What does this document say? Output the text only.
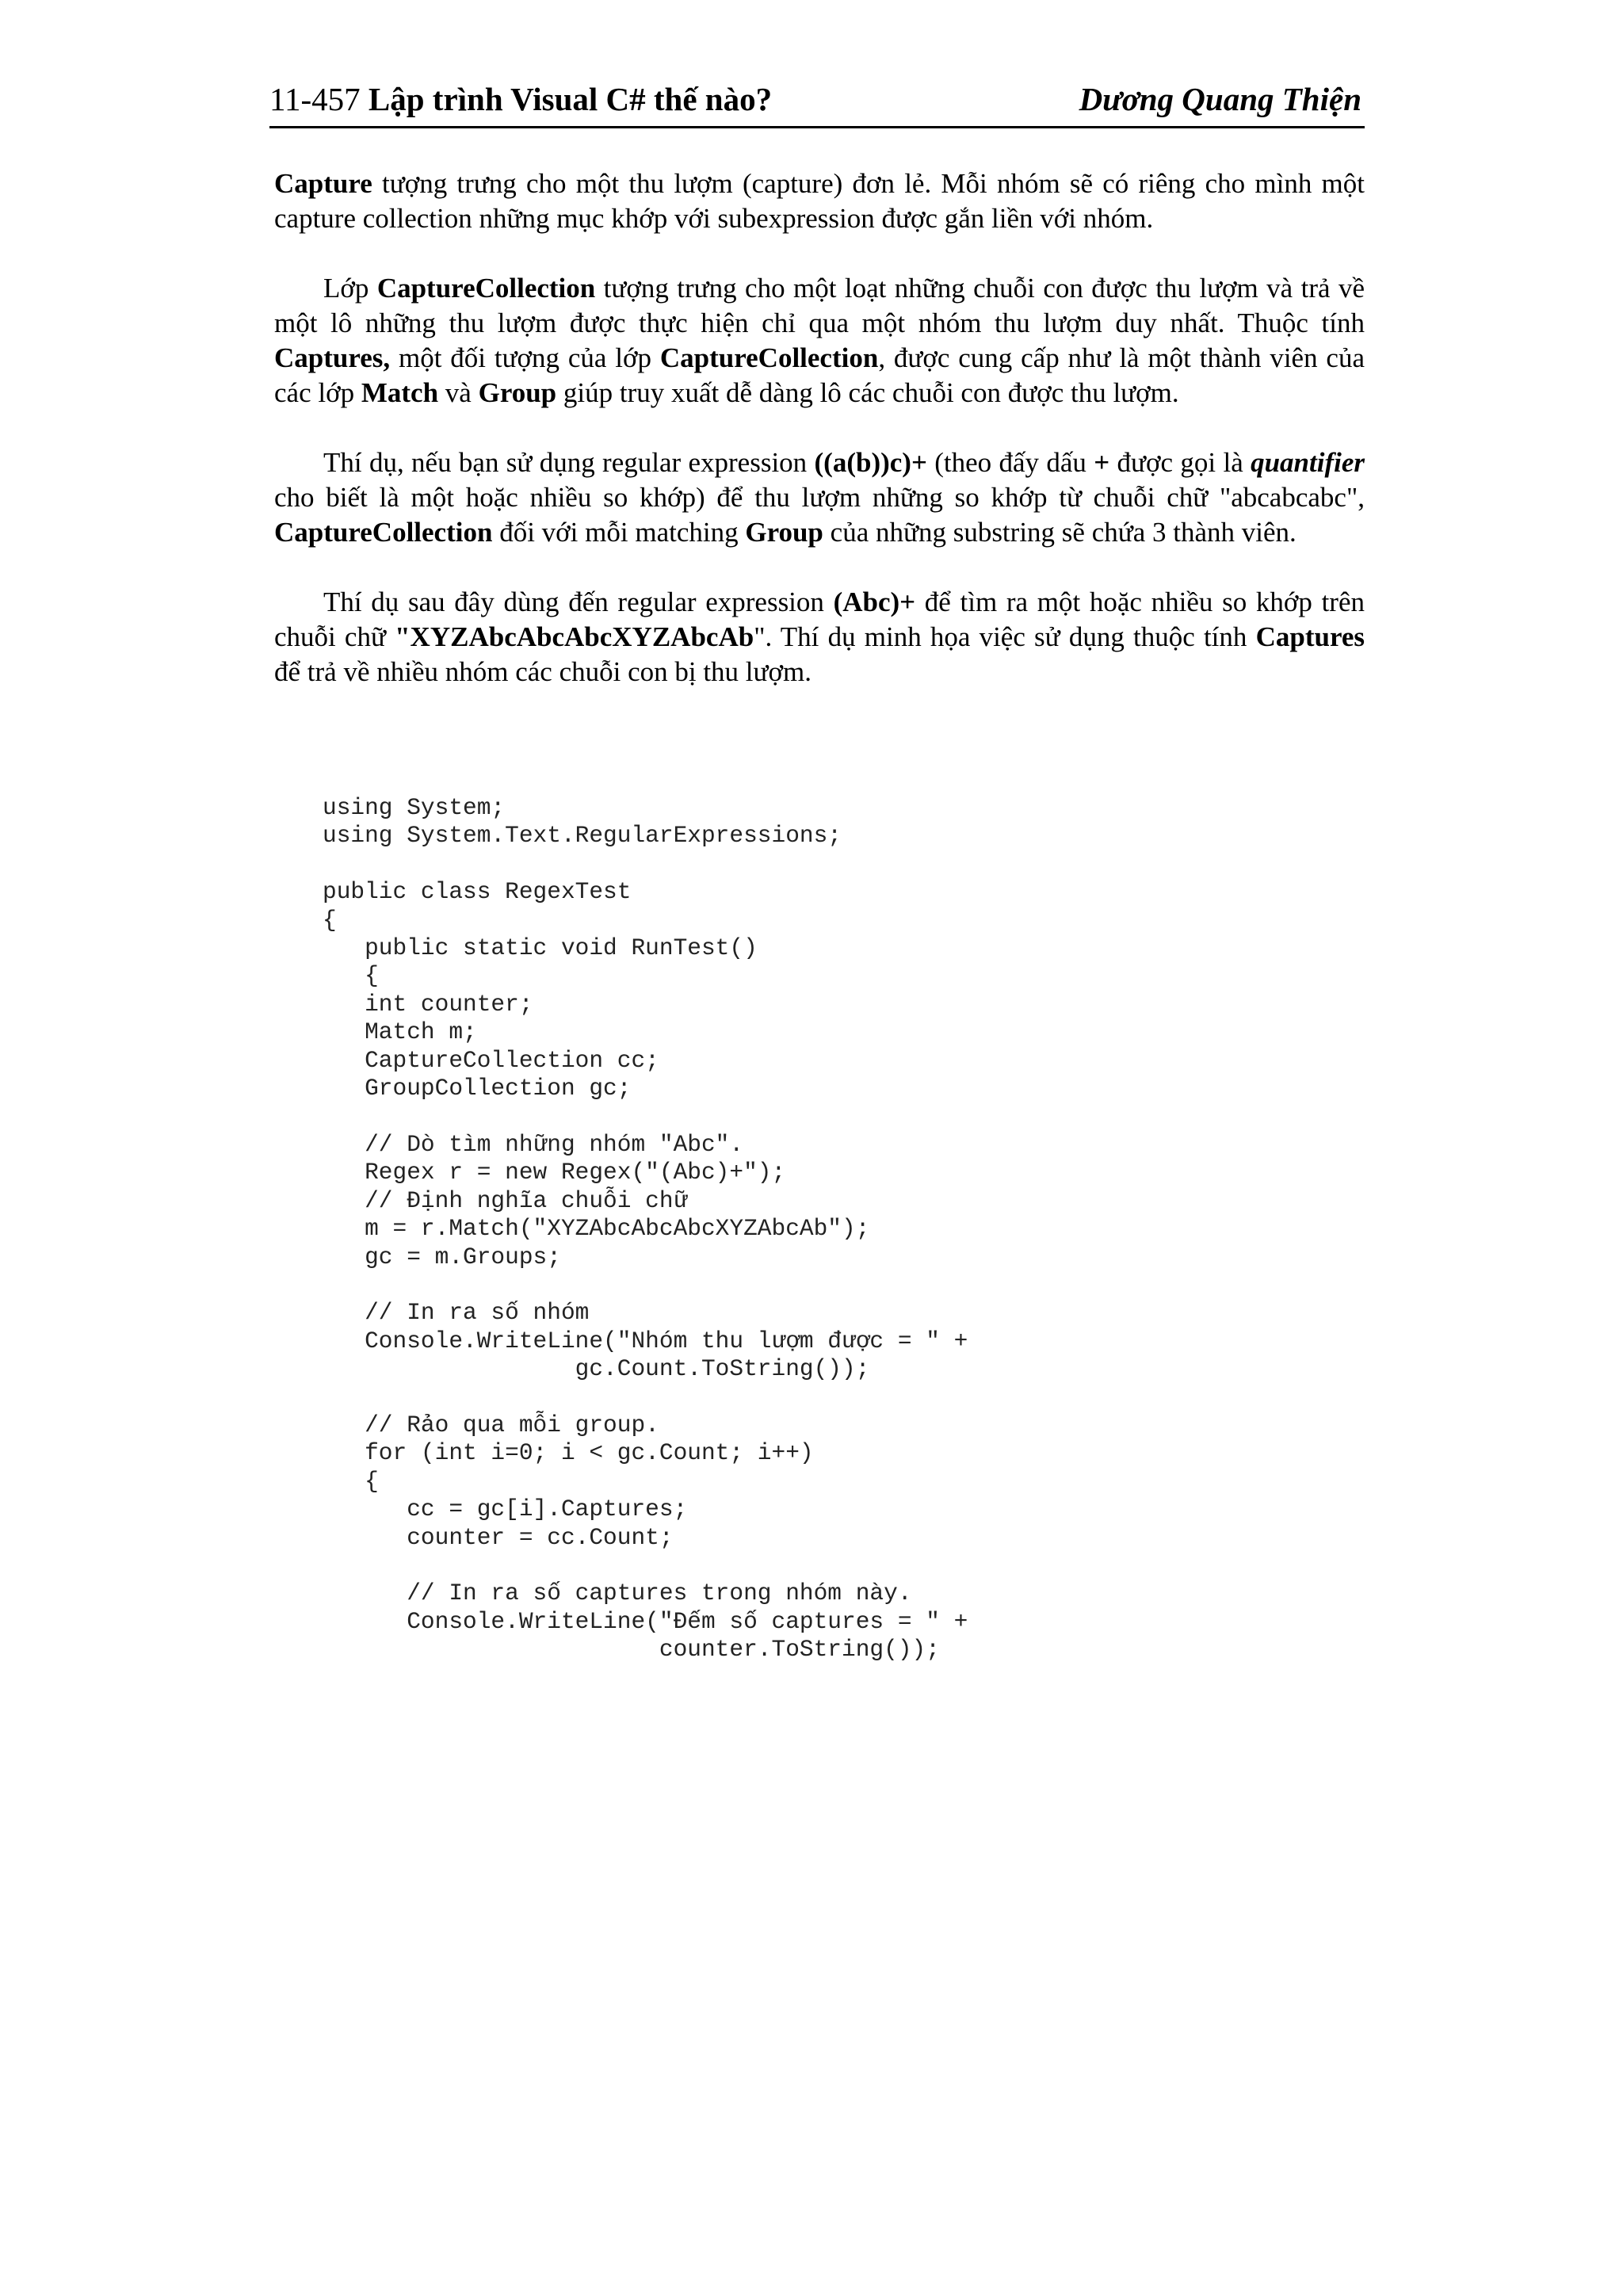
11-457 Lập trình Visual C# thế nào?	Dương Quang Thiện

Capture tượng trưng cho một thu lượm (capture) đơn lẻ. Mỗi nhóm sẽ có riêng cho mình một capture collection những mục khớp với subexpression được gắn liền với nhóm.

Lớp CaptureCollection tượng trưng cho một loạt những chuỗi con được thu lượm và trả về một lô những thu lượm được thực hiện chỉ qua một nhóm thu lượm duy nhất. Thuộc tính Captures, một đối tượng của lớp CaptureCollection, được cung cấp như là một thành viên của các lớp Match và Group giúp truy xuất dễ dàng lô các chuỗi con được thu lượm.

Thí dụ, nếu bạn sử dụng regular expression ((a(b))c)+ (theo đấy dấu + được gọi là quantifier cho biết là một hoặc nhiều so khớp) để thu lượm những so khớp từ chuỗi chữ "abcabcabc", CaptureCollection đối với mỗi matching Group của những substring sẽ chứa 3 thành viên.

Thí dụ sau đây dùng đến regular expression (Abc)+ để tìm ra một hoặc nhiều so khớp trên chuỗi chữ "XYZAbcAbcAbcXYZAbcAb". Thí dụ minh họa việc sử dụng thuộc tính Captures để trả về nhiều nhóm các chuỗi con bị thu lượm.

using System;
using System.Text.RegularExpressions;

public class RegexTest
{
public static void RunTest()
{
int counter;
Match m;
CaptureCollection cc;
GroupCollection gc;

// Dò tìm những nhóm "Abc".
Regex r = new Regex("(Abc)+");
// Định nghĩa chuỗi chữ
m = r.Match("XYZAbcAbcAbcXYZAbcAb");
gc = m.Groups;

// In ra số nhóm
Console.WriteLine("Nhóm thu lượm được = " +
gc.Count.ToString());

// Rảo qua mỗi group.
for (int i=0; i < gc.Count; i++)
{
cc = gc[i].Captures;
counter = cc.Count;

// In ra số captures trong nhóm này.
Console.WriteLine("Đếm số captures = " +
counter.ToString());
